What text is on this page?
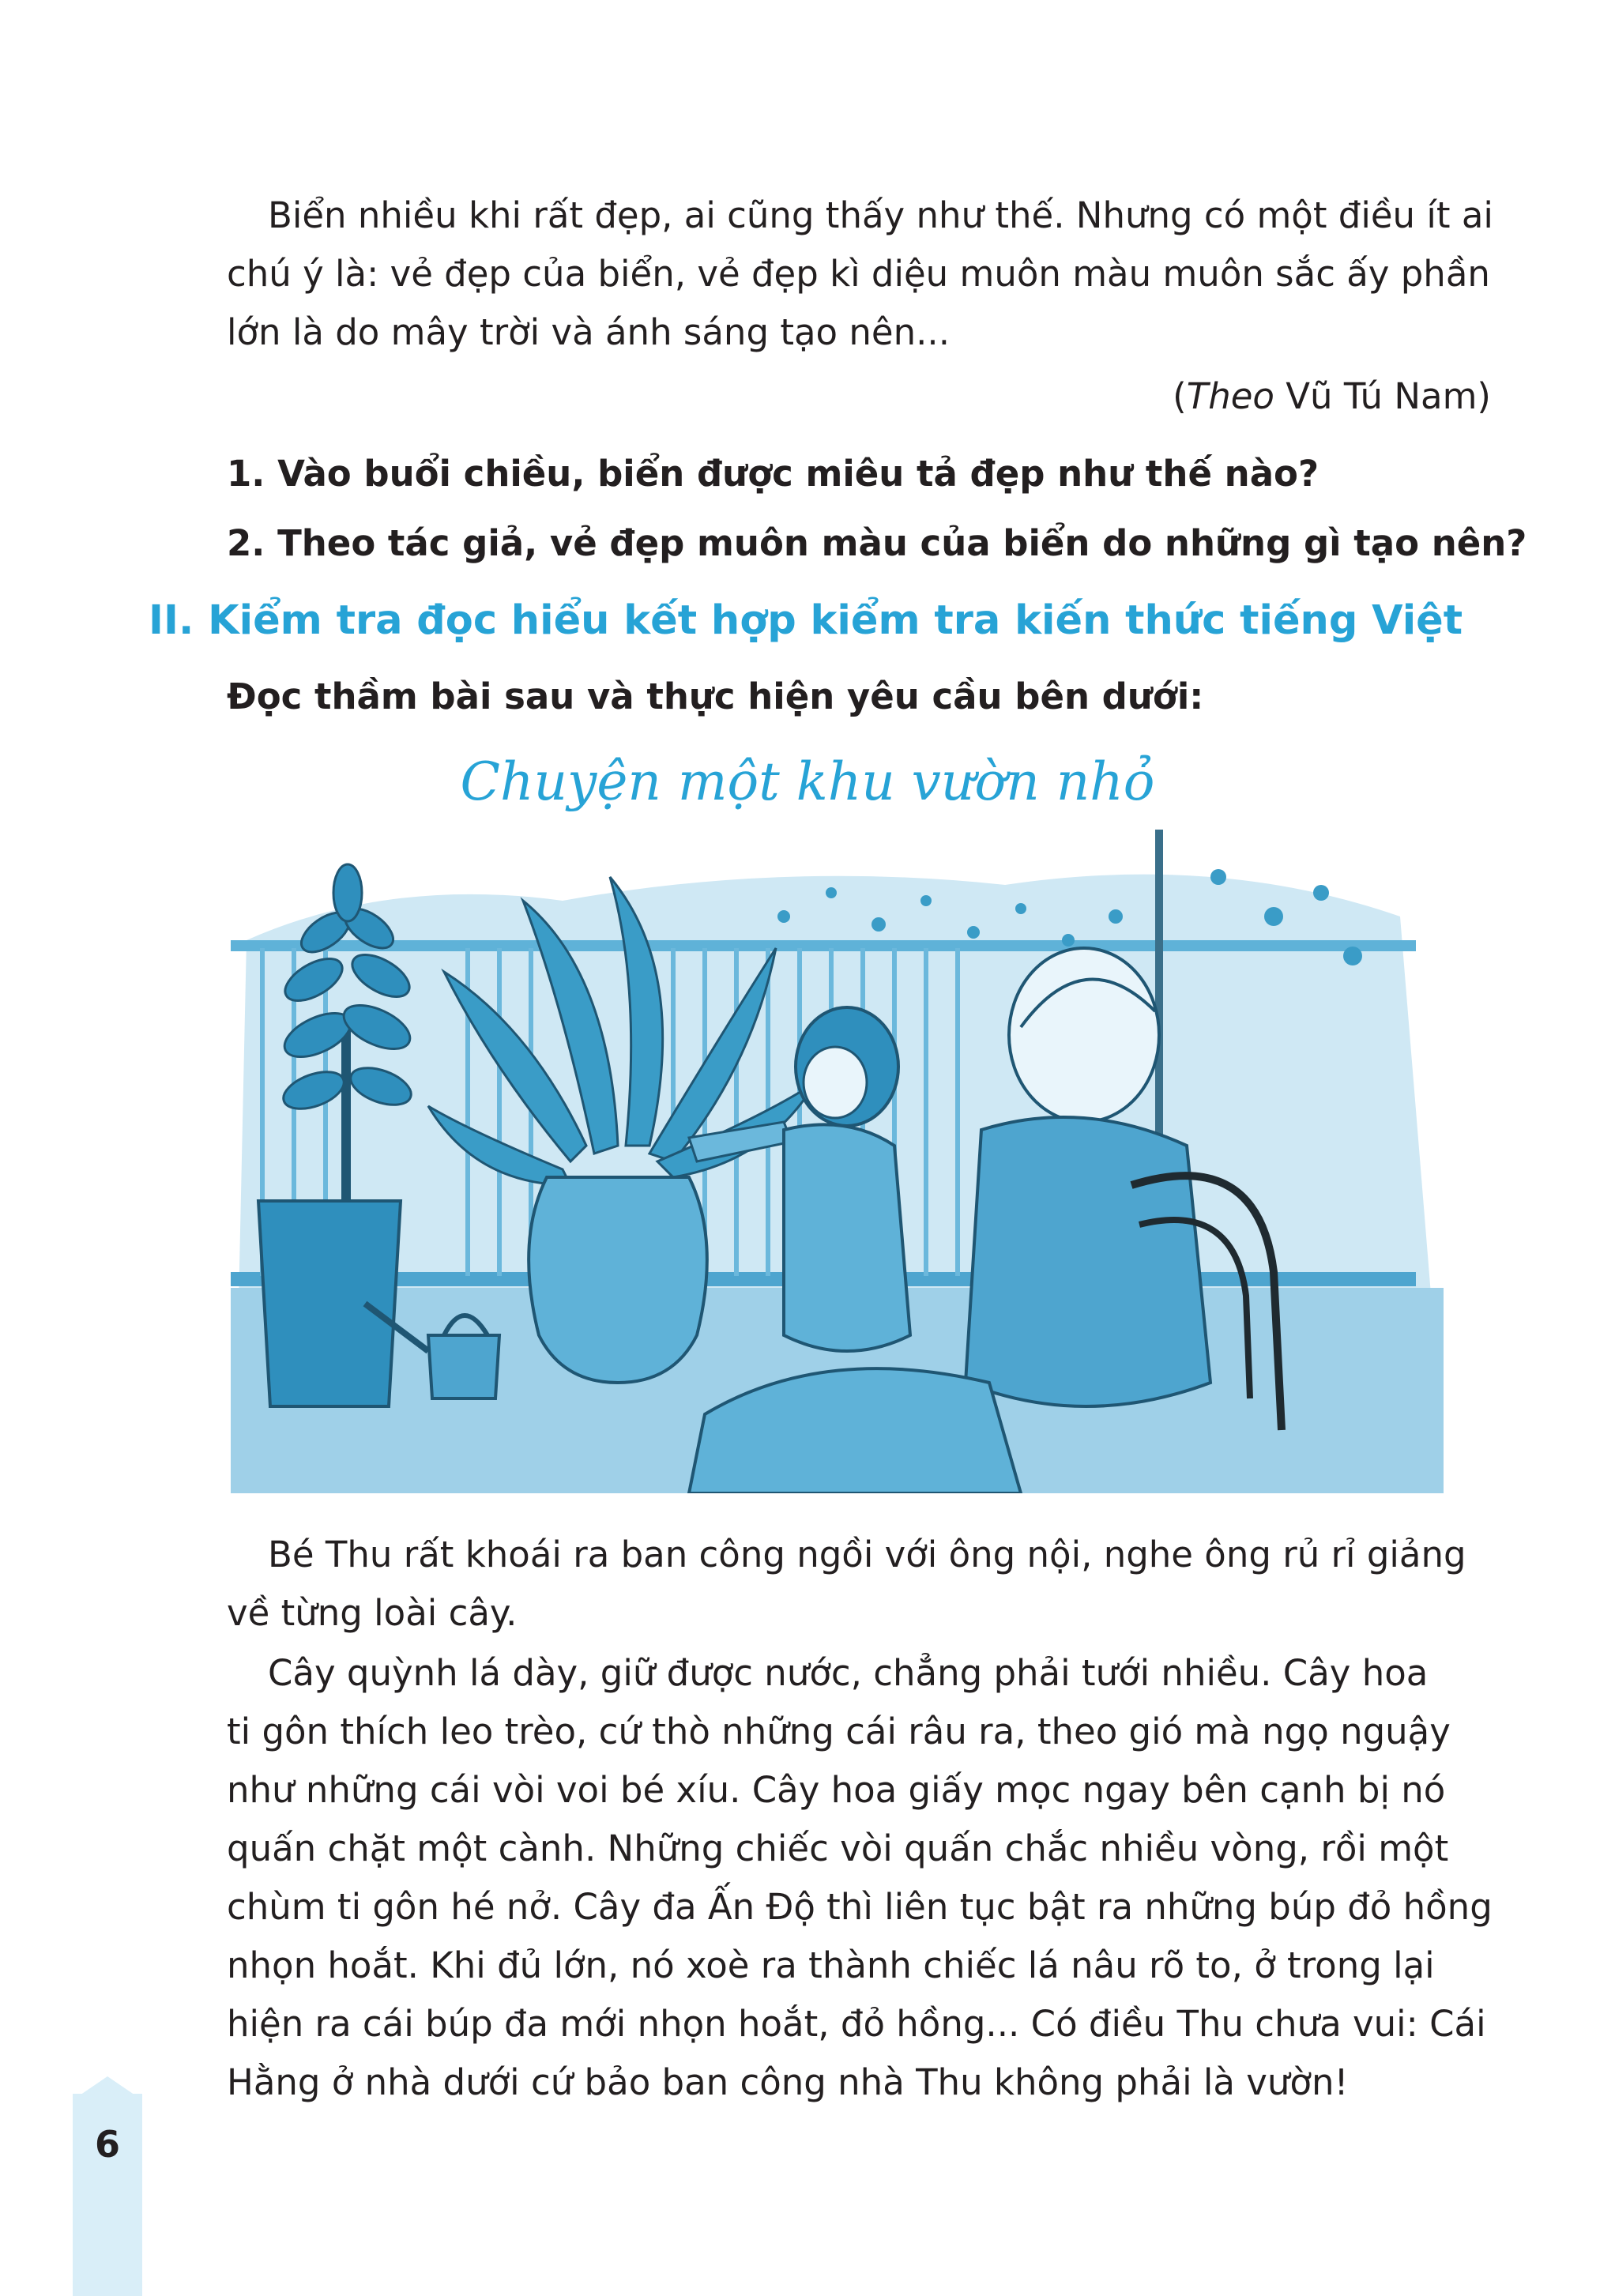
Biển nhiều khi rất đẹp, ai cũng thấy như thế. Nhưng có một điều ít ai
chú ý là: vẻ đẹp của biển, vẻ đẹp kì diệu muôn màu muôn sắc ấy phần
lớn là do mây trời và ánh sáng tạo nên...
(Theo Vũ Tú Nam)
1. Vào buổi chiều, biển được miêu tả đẹp như thế nào?
2. Theo tác giả, vẻ đẹp muôn màu của biển do những gì tạo nên?
II. Kiểm tra đọc hiểu kết hợp kiểm tra kiến thức tiếng Việt
Đọc thầm bài sau và thực hiện yêu cầu bên dưới:
Chuyện một khu vườn nhỏ
Bé Thu rất khoái ra ban công ngồi với ông nội, nghe ông rủ rỉ giảng
về từng loài cây.
Cây quỳnh lá dày, giữ được nước, chẳng phải tưới nhiều. Cây hoa
ti gôn thích leo trèo, cứ thò những cái râu ra, theo gió mà ngọ nguậy
như những cái vòi voi bé xíu. Cây hoa giấy mọc ngay bên cạnh bị nó
quấn chặt một cành. Những chiếc vòi quấn chắc nhiều vòng, rồi một
chùm ti gôn hé nở. Cây đa Ấn Độ thì liên tục bật ra những búp đỏ hồng
nhọn hoắt. Khi đủ lớn, nó xoè ra thành chiếc lá nâu rõ to, ở trong lại
hiện ra cái búp đa mới nhọn hoắt, đỏ hồng... Có điều Thu chưa vui: Cái
Hằng ở nhà dưới cứ bảo ban công nhà Thu không phải là vườn!
6
